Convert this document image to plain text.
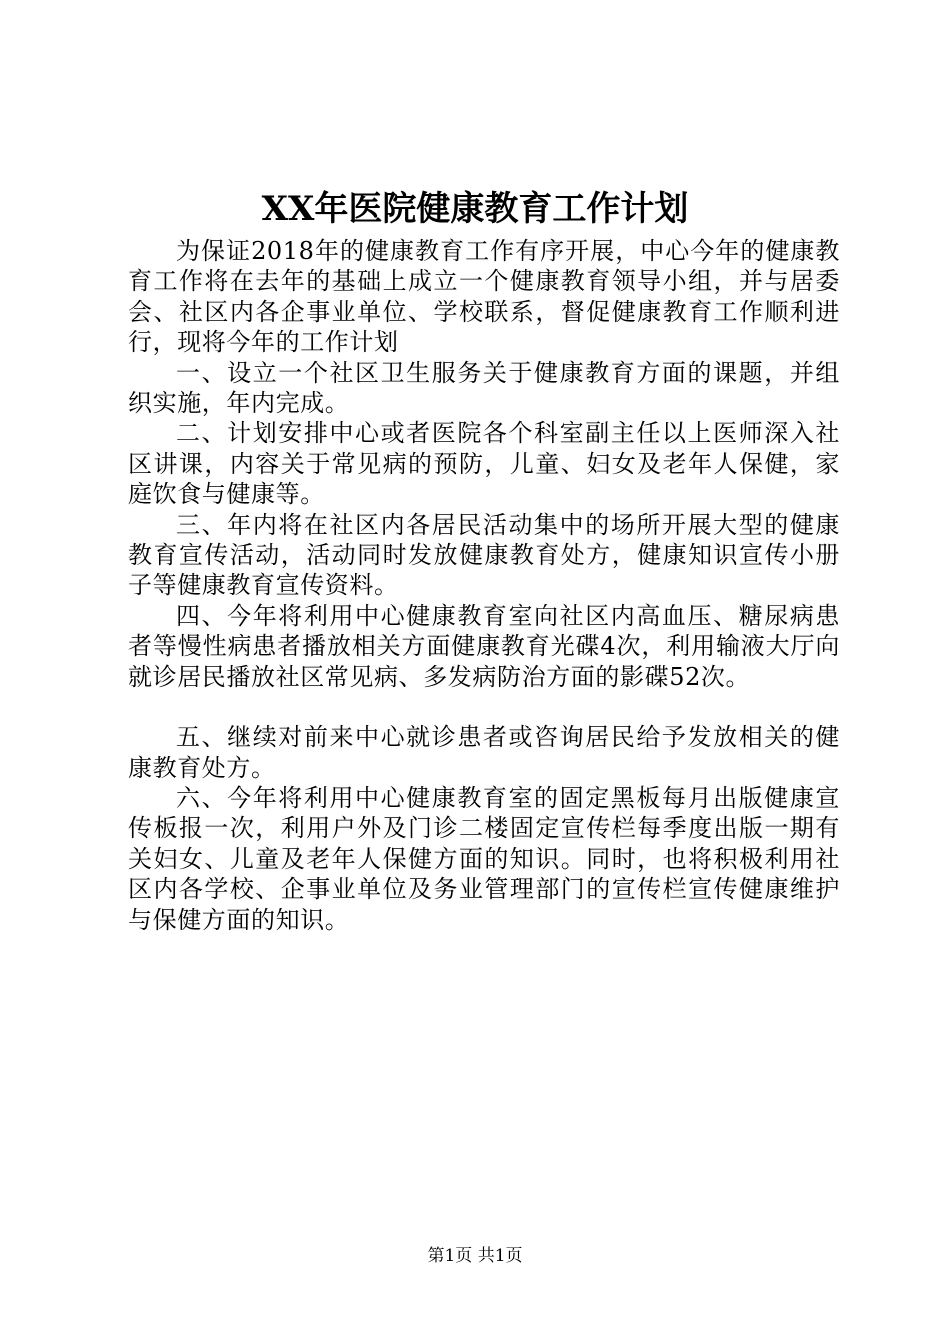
XX年医院健康教育工作计划

为保证2018年的健康教育工作有序开展，中心今年的健康教育工作将在去年的基础上成立一个健康教育领导小组，并与居委会、社区内各企事业单位、学校联系，督促健康教育工作顺利进行，现将今年的工作计划

一、设立一个社区卫生服务关于健康教育方面的课题，并组织实施，年内完成。

二、计划安排中心或者医院各个科室副主任以上医师深入社区讲课，内容关于常见病的预防，儿童、妇女及老年人保健，家庭饮食与健康等。

三、年内将在社区内各居民活动集中的场所开展大型的健康教育宣传活动，活动同时发放健康教育处方，健康知识宣传小册子等健康教育宣传资料。

四、今年将利用中心健康教育室向社区内高血压、糖尿病患者等慢性病患者播放相关方面健康教育光碟4次，利用输液大厅向就诊居民播放社区常见病、多发病防治方面的影碟52次。

五、继续对前来中心就诊患者或咨询居民给予发放相关的健康教育处方。

六、今年将利用中心健康教育室的固定黑板每月出版健康宣传板报一次，利用户外及门诊二楼固定宣传栏每季度出版一期有关妇女、儿童及老年人保健方面的知识。同时，也将积极利用社区内各学校、企事业单位及务业管理部门的宣传栏宣传健康维护与保健方面的知识。

第1页 共1页
